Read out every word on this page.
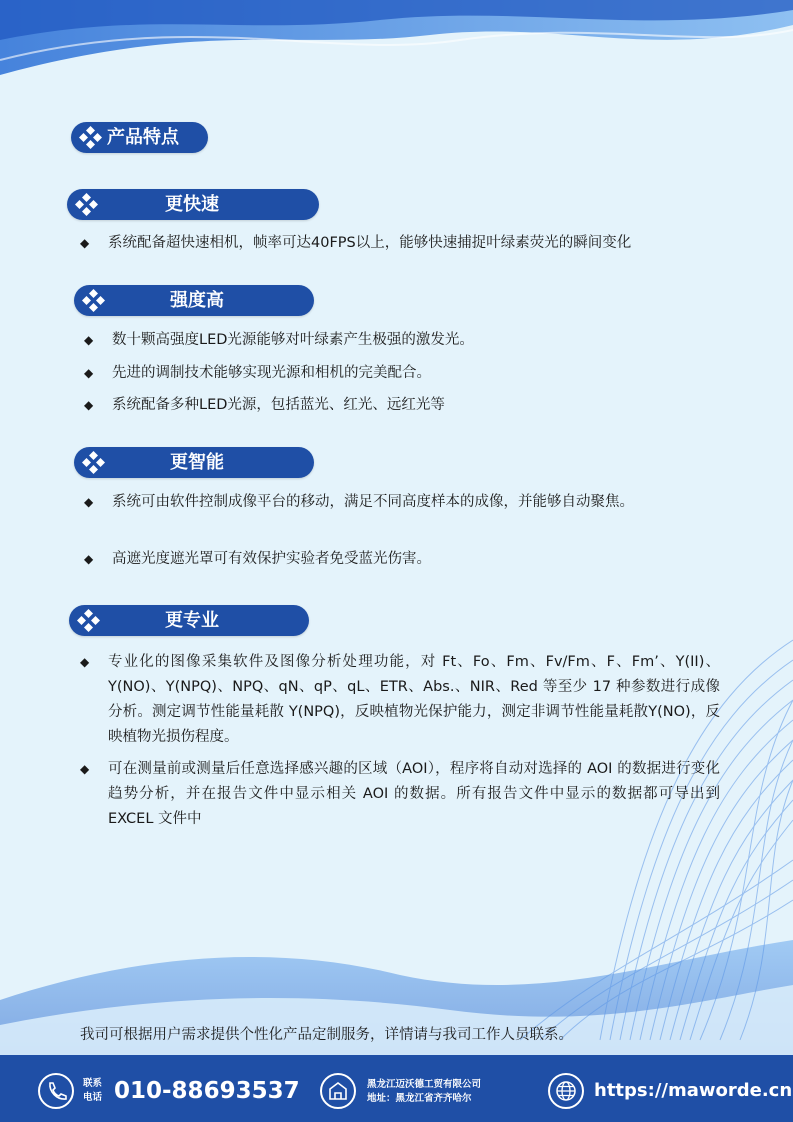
产品特点
更快速
◆ 系统配备超快速相机，帧率可达40FPS以上，能够快速捕捉叶绿素荧光的瞬间变化
强度高
◆ 数十颗高强度LED光源能够对叶绿素产生极强的激发光。
◆ 先进的调制技术能够实现光源和相机的完美配合。
◆ 系统配备多种LED光源，包括蓝光、红光、远红光等
更智能
◆ 系统可由软件控制成像平台的移动，满足不同高度样本的成像，并能够自动聚焦。
◆ 高遮光度遮光罩可有效保护实验者免受蓝光伤害。
更专业
◆ 专业化的图像采集软件及图像分析处理功能，对 Ft、Fo、Fm、Fv/Fm、F、Fm’、Y(II)、Y(NO)、Y(NPQ)、NPQ、qN、qP、qL、ETR、Abs.、NIR、Red 等至少 17 种参数进行成像分析。测定调节性能量耗散 Y(NPQ)，反映植物光保护能力，测定非调节性能量耗散Y(NO)，反映植物光损伤程度。
◆ 可在测量前或测量后任意选择感兴趣的区域（AOI），程序将自动对选择的 AOI 的数据进行变化趋势分析，并在报告文件中显示相关 AOI 的数据。所有报告文件中显示的数据都可导出到 EXCEL 文件中
我司可根据用户需求提供个性化产品定制服务，详情请与我司工作人员联系。
联系
电话 010-88693537	黑龙江迈沃德工贸有限公司
地址：黑龙江省齐齐哈尔	https://maworde.cn
